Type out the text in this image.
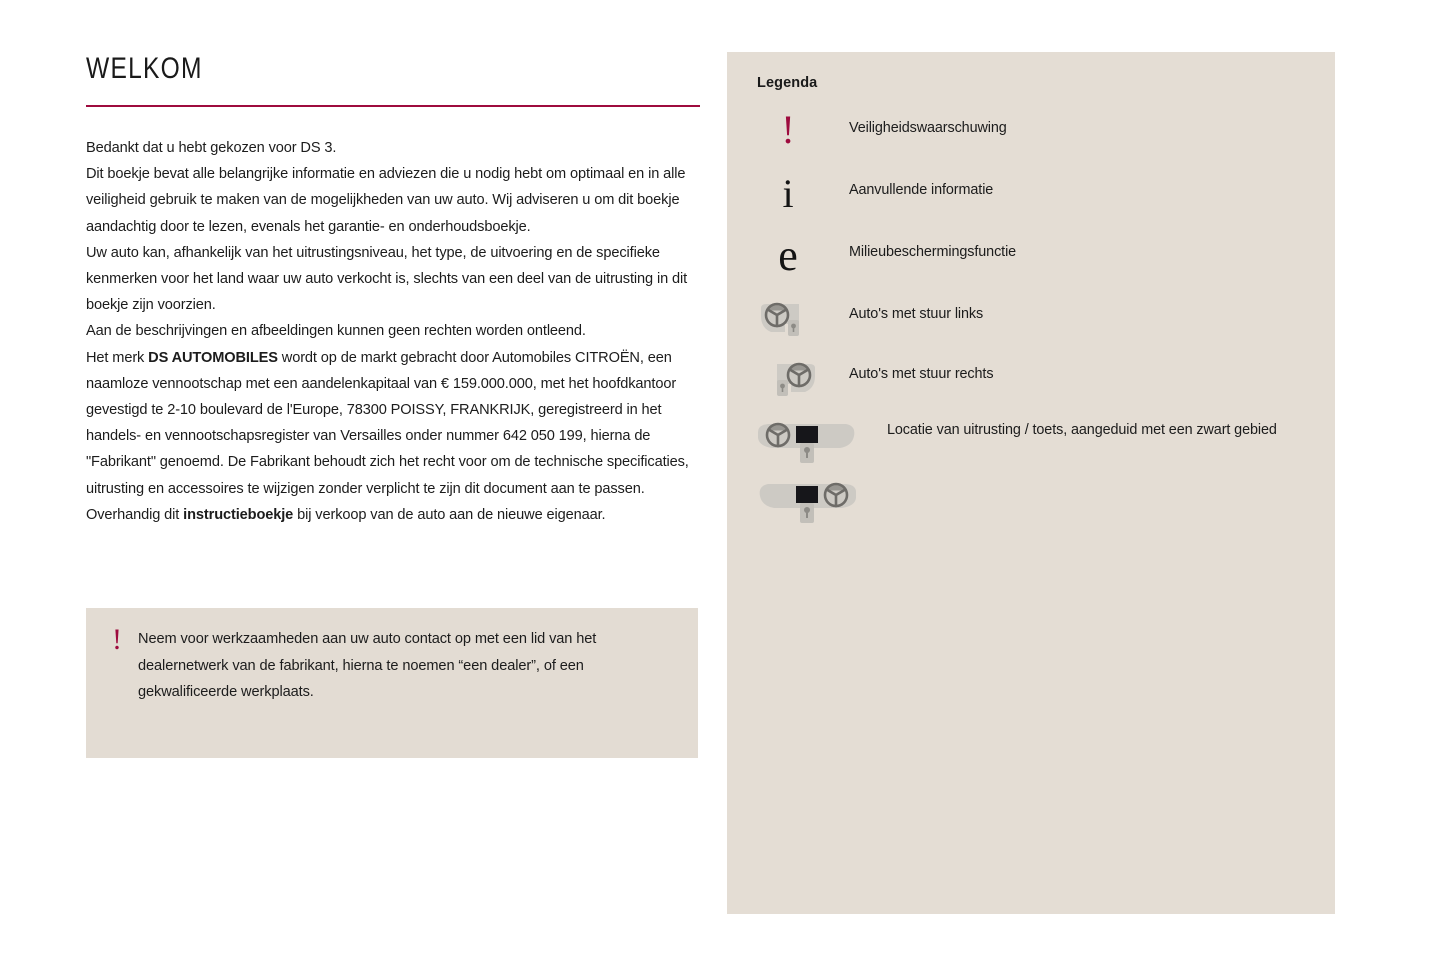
WELKOM

Bedankt dat u hebt gekozen voor DS 3.

Dit boekje bevat alle belangrijke informatie en adviezen die u nodig hebt om optimaal en in alle veiligheid gebruik te maken van de mogelijkheden van uw auto. Wij adviseren u om dit boekje aandachtig door te lezen, evenals het garantie- en onderhoudsboekje.

Uw auto kan, afhankelijk van het uitrustingsniveau, het type, de uitvoering en de specifieke kenmerken voor het land waar uw auto verkocht is, slechts van een deel van de uitrusting in dit boekje zijn voorzien.

Aan de beschrijvingen en afbeeldingen kunnen geen rechten worden ontleend.

Het merk DS AUTOMOBILES wordt op de markt gebracht door Automobiles CITROËN, een naamloze vennootschap met een aandelenkapitaal van € 159.000.000, met het hoofdkantoor gevestigd te 2-10 boulevard de l'Europe, 78300 POISSY, FRANKRIJK, geregistreerd in het handels- en vennootschapsregister van Versailles onder nummer 642 050 199, hierna de "Fabrikant" genoemd. De Fabrikant behoudt zich het recht voor om de technische specificaties, uitrusting en accessoires te wijzigen zonder verplicht te zijn dit document aan te passen.

Overhandig dit instructieboekje bij verkoop van de auto aan de nieuwe eigenaar.

!	Neem voor werkzaamheden aan uw auto contact op met een lid van het dealernetwerk van de fabrikant, hierna te noemen “een dealer”, of een gekwalificeerde werkplaats.
Legenda
!	Veiligheidswaarschuwing
i	Aanvullende informatie
e	Milieubeschermingsfunctie
Auto's met stuur links
Auto's met stuur rechts
Locatie van uitrusting / toets, aangeduid met een zwart gebied
